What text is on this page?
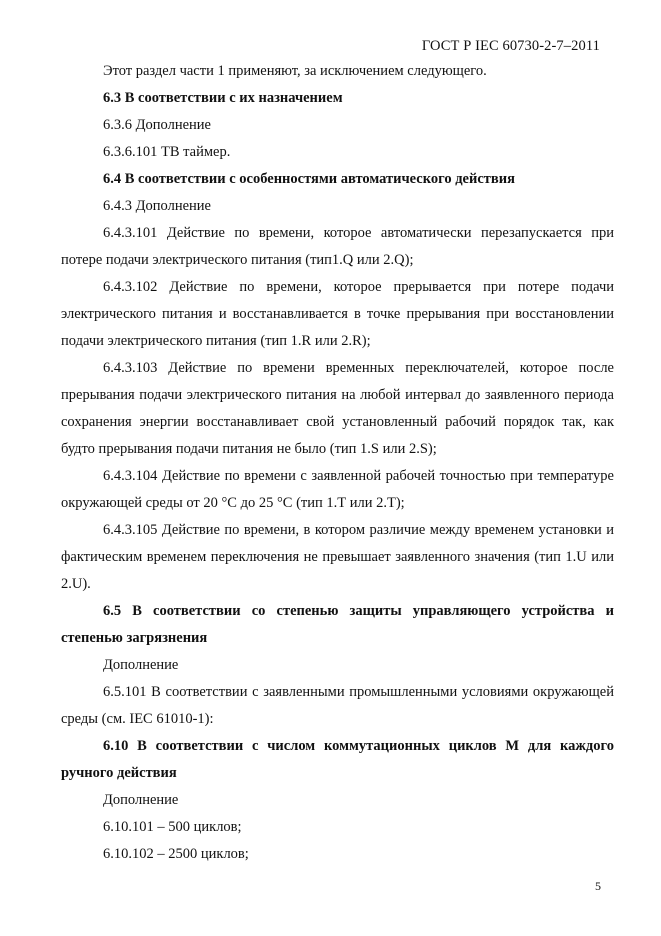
ГОСТ Р IEC 60730-2-7–2011

Этот раздел части 1 применяют, за исключением следующего.

6.3 В соответствии с их назначением

6.3.6 Дополнение

6.3.6.101 ТВ таймер.

6.4 В соответствии с особенностями автоматического действия

6.4.3 Дополнение

6.4.3.101 Действие по времени, которое автоматически перезапускается при потере подачи электрического питания (тип1.Q или 2.Q);

6.4.3.102 Действие по времени, которое прерывается при потере подачи электрического питания и восстанавливается в точке прерывания при восстановлении подачи электрического питания (тип 1.R или 2.R);

6.4.3.103 Действие по времени временных переключателей, которое после прерывания подачи электрического питания на любой интервал до заявленного периода сохранения энергии восстанавливает свой установленный рабочий порядок так, как будто прерывания подачи питания не было (тип 1.S или 2.S);

6.4.3.104 Действие по времени с заявленной рабочей точностью при температуре окружающей среды от 20 °С до 25 °С (тип 1.Т или 2.Т);

6.4.3.105 Действие по времени, в котором различие между временем установки и фактическим временем переключения не превышает заявленного значения (тип 1.U или 2.U).

6.5 В соответствии со степенью защиты управляющего устройства и степенью загрязнения

Дополнение

6.5.101 В соответствии с заявленными промышленными условиями окружающей среды (см. IEC 61010-1):

6.10 В соответствии с числом коммутационных циклов М для каждого ручного действия

Дополнение

6.10.101 – 500 циклов;

6.10.102 – 2500 циклов;

5
